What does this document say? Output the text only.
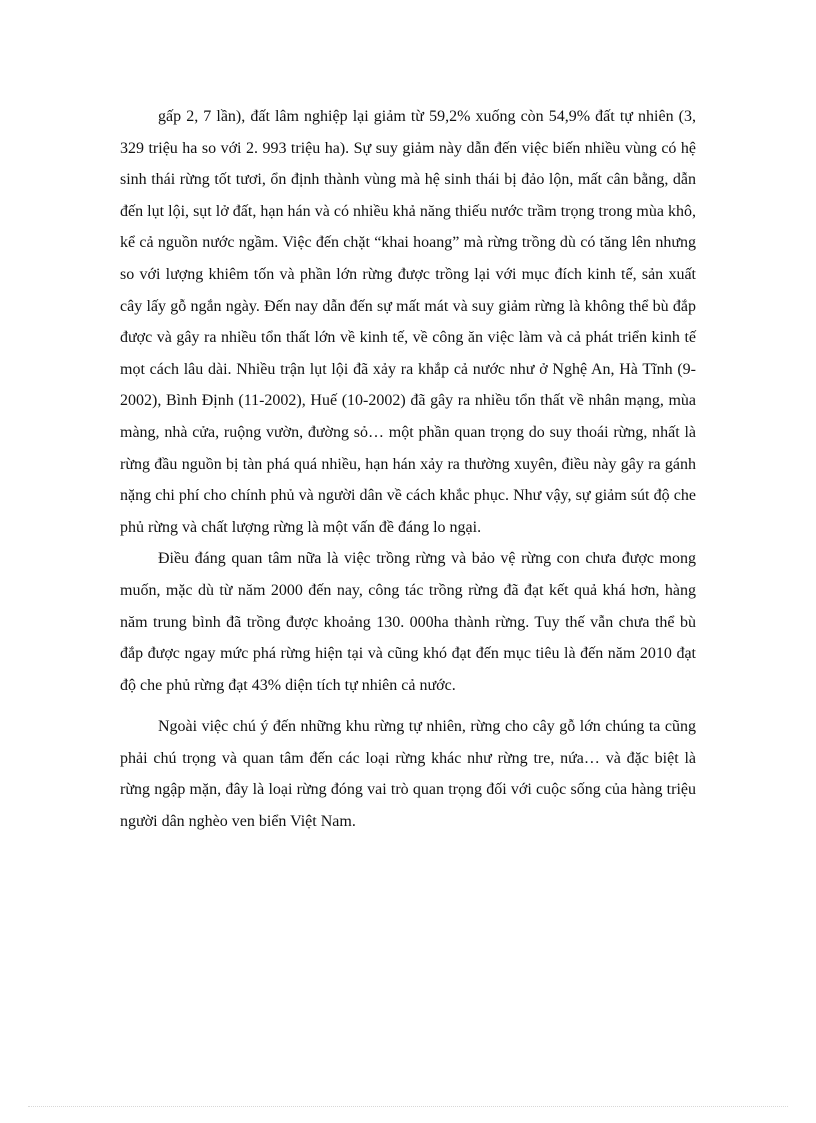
gấp 2, 7 lần), đất lâm nghiệp lại giảm từ 59,2% xuống còn 54,9% đất tự nhiên (3, 329 triệu ha so với 2. 993 triệu ha). Sự suy giảm này dẫn đến việc biến nhiều vùng có hệ sinh thái rừng tốt tươi, ổn định thành vùng mà hệ sinh thái bị đảo lộn, mất cân bằng, dẫn đến lụt lội, sụt lở đất, hạn hán và có nhiều khả năng thiếu nước trầm trọng trong mùa khô, kể cả nguồn nước ngầm. Việc đến chặt “khai hoang” mà rừng trồng dù có tăng lên nhưng so với lượng khiêm tốn và phần lớn rừng được trồng lại với mục đích kinh tế, sản xuất cây lấy gỗ ngắn ngày. Đến nay dẫn đến sự mất mát và suy giảm rừng là không thể bù đắp được và gây ra nhiều tổn thất lớn về kinh tế, về công ăn việc làm và cả phát triển kinh tế mọt cách lâu dài. Nhiều trận lụt lội đã xảy ra khắp cả nước như ở Nghệ An, Hà Tĩnh (9-2002), Bình Định (11-2002), Huế (10-2002) đã gây ra nhiều tổn thất về nhân mạng, mùa màng, nhà cửa, ruộng vườn, đường sỏ… một phần quan trọng do suy thoái rừng, nhất là rừng đầu nguồn bị tàn phá quá nhiều, hạn hán xảy ra thường xuyên, điều này gây ra gánh nặng chi phí cho chính phủ và người dân về cách khắc phục. Như vậy, sự giảm sút độ che phủ rừng và chất lượng rừng là một vấn đề đáng lo ngại.

Điều đáng quan tâm nữa là việc trồng rừng và bảo vệ rừng con chưa được mong muốn, mặc dù từ năm 2000 đến nay, công tác trồng rừng đã đạt kết quả khá hơn, hàng năm trung bình đã trồng được khoảng 130. 000ha thành rừng. Tuy thế vẫn chưa thể bù đắp được ngay mức phá rừng hiện tại và cũng khó đạt đến mục tiêu là đến năm 2010 đạt độ che phủ rừng đạt 43% diện tích tự nhiên cả nước.

Ngoài việc chú ý đến những khu rừng tự nhiên, rừng cho cây gỗ lớn chúng ta cũng phải chú trọng và quan tâm đến các loại rừng khác như rừng tre, nứa… và đặc biệt là rừng ngập mặn, đây là loại rừng đóng vai trò quan trọng đối với cuộc sống của hàng triệu người dân nghèo ven biển Việt Nam.
